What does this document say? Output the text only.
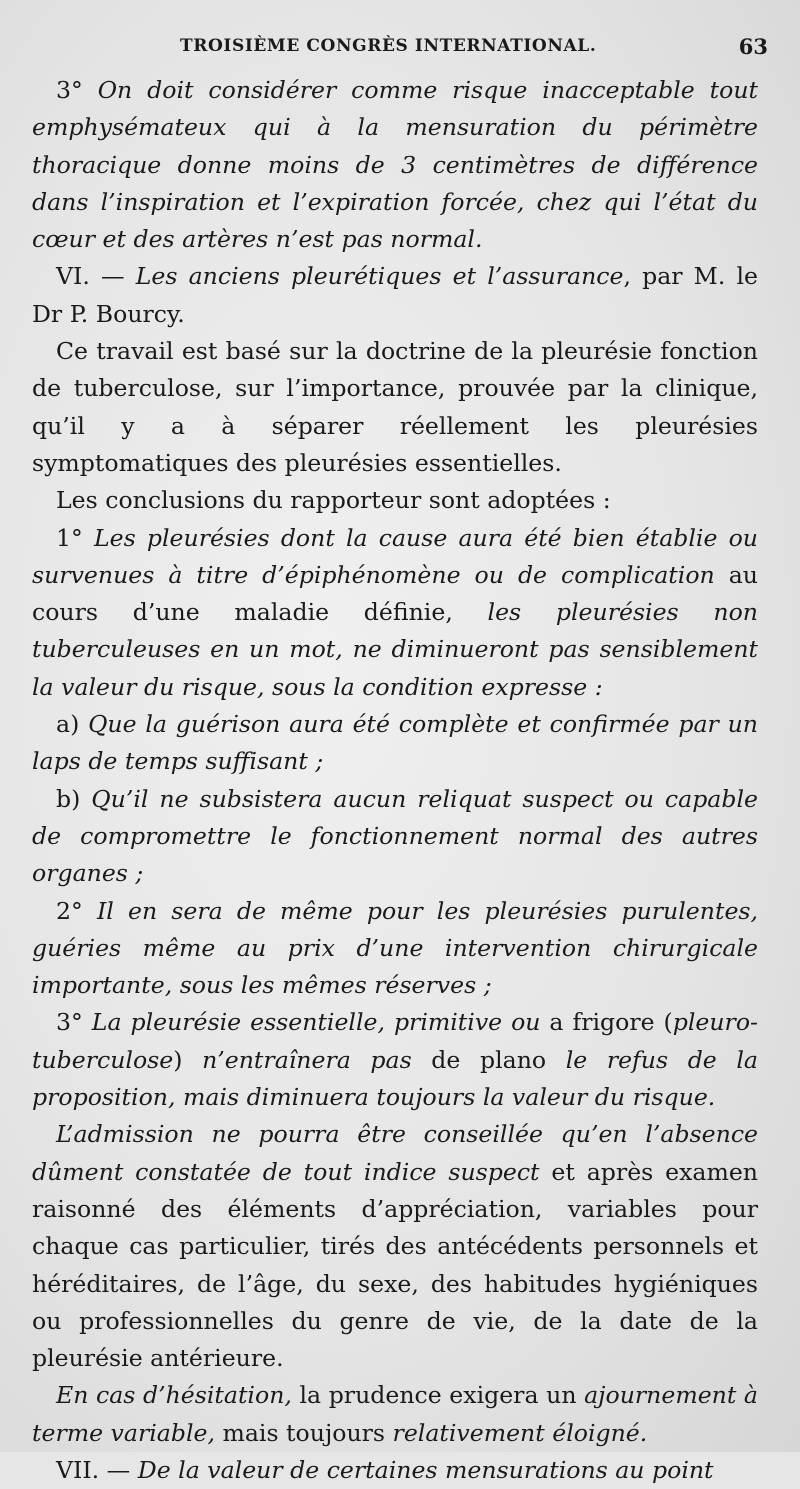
TROISIÈME CONGRÈS INTERNATIONAL.	63

3° On doit considérer comme risque inacceptable tout emphysémateux qui à la mensuration du périmètre thoracique donne moins de 3 centimètres de différence dans l’inspiration et l’expiration forcée, chez qui l’état du cœur et des artères n’est pas normal.

VI. — Les anciens pleurétiques et l’assurance, par M. le Dr P. Bourcy.

Ce travail est basé sur la doctrine de la pleurésie fonction de tuberculose, sur l’importance, prouvée par la clinique, qu’il y a à séparer réellement les pleurésies symptomatiques des pleurésies essentielles.

Les conclusions du rapporteur sont adoptées :

1° Les pleurésies dont la cause aura été bien établie ou survenues à titre d’épiphénomène ou de complication au cours d’une maladie définie, les pleurésies non tuberculeuses en un mot, ne diminueront pas sensiblement la valeur du risque, sous la condition expresse :

a) Que la guérison aura été complète et confirmée par un laps de temps suffisant ;

b) Qu’il ne subsistera aucun reliquat suspect ou capable de compromettre le fonctionnement normal des autres organes ;

2° Il en sera de même pour les pleurésies purulentes, guéries même au prix d’une intervention chirurgicale importante, sous les mêmes réserves ;

3° La pleurésie essentielle, primitive ou a frigore (pleuro-tuberculose) n’entraînera pas de plano le refus de la proposition, mais diminuera toujours la valeur du risque.

L’admission ne pourra être conseillée qu’en l’absence dûment constatée de tout indice suspect et après examen raisonné des éléments d’appréciation, variables pour chaque cas particulier, tirés des antécédents personnels et héréditaires, de l’âge, du sexe, des habitudes hygiéniques ou professionnelles du genre de vie, de la date de la pleurésie antérieure.

En cas d’hésitation, la prudence exigera un ajournement à terme variable, mais toujours relativement éloigné.

VII. — De la valeur de certaines mensurations au point
